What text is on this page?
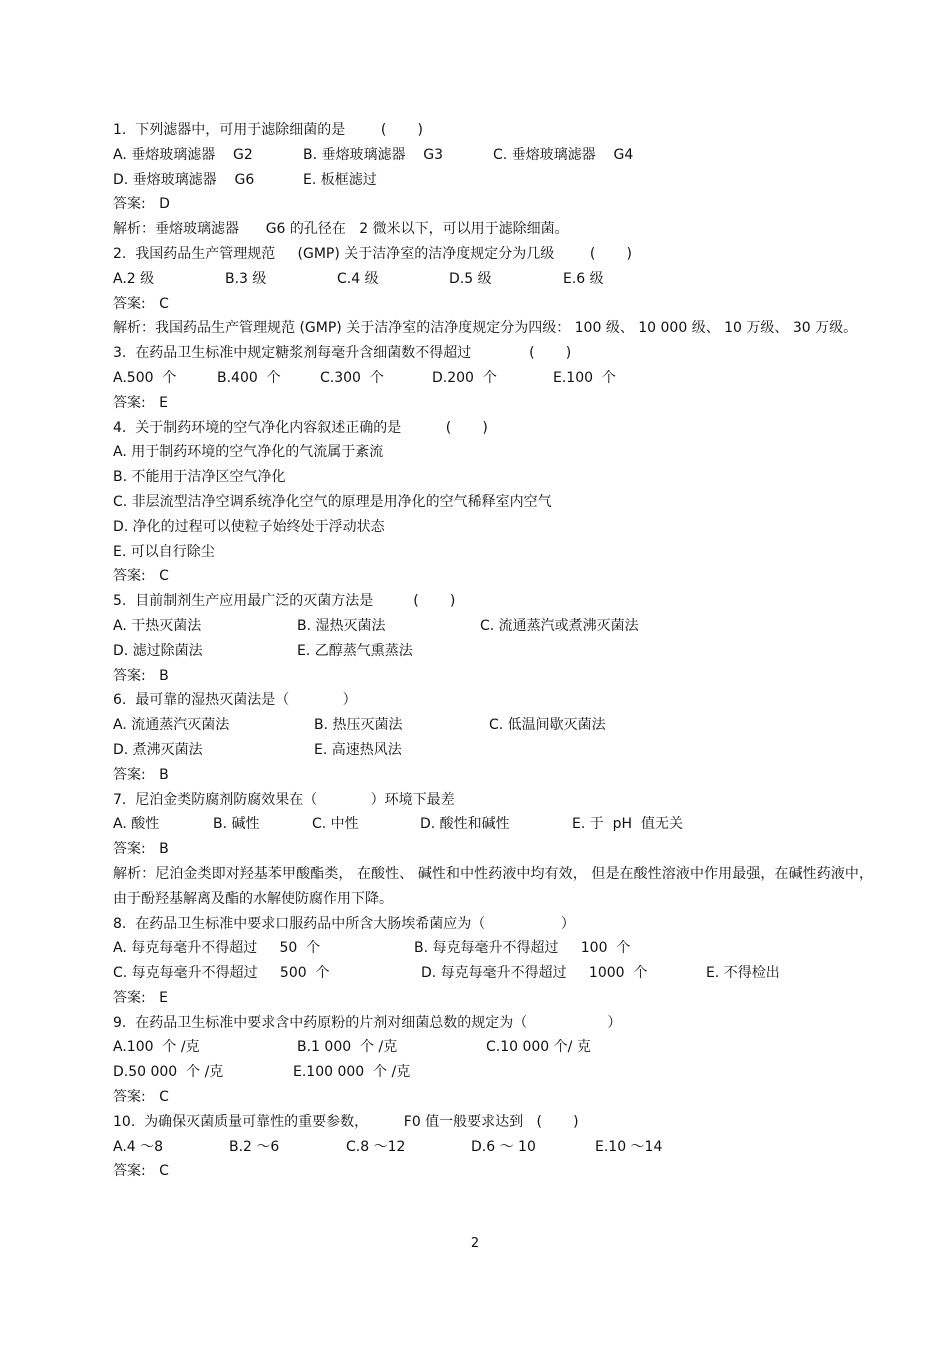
1.  下列滤器中，可用于滤除细菌的是        (       )
A. 垂熔玻璃滤器    G2	B. 垂熔玻璃滤器    G3	C. 垂熔玻璃滤器    G4
D. 垂熔玻璃滤器    G6	E. 板框滤过
答案:   D
解析：垂熔玻璃滤器      G6 的孔径在   2 微米以下，可以用于滤除细菌。
2.  我国药品生产管理规范     (GMP) 关于洁净室的洁净度规定分为几级        (       )
A.2 级	B.3 级	C.4 级	D.5 级	E.6 级
答案:   C
解析：我国药品生产管理规范 (GMP) 关于洁净室的洁净度规定分为四级： 100 级、 10 000 级、 10 万级、 30 万级。
3.  在药品卫生标准中规定糖浆剂每毫升含细菌数不得超过             (       )
A.500  个	B.400  个	C.300  个	D.200  个	E.100  个
答案:   E
4.  关于制药环境的空气净化内容叙述正确的是          (       )
A. 用于制药环境的空气净化的气流属于紊流
B. 不能用于洁净区空气净化
C. 非层流型洁净空调系统净化空气的原理是用净化的空气稀释室内空气
D. 净化的过程可以使粒子始终处于浮动状态
E. 可以自行除尘
答案:   C
5.  目前制剂生产应用最广泛的灭菌方法是         (       )
A. 干热灭菌法	B. 湿热灭菌法	C. 流通蒸汽或煮沸灭菌法
D. 滤过除菌法	E. 乙醇蒸气熏蒸法
答案:   B
6.  最可靠的湿热灭菌法是（            ）
A. 流通蒸汽灭菌法	B. 热压灭菌法	C. 低温间歇灭菌法
D. 煮沸灭菌法	E. 高速热风法
答案:   B
7.  尼泊金类防腐剂防腐效果在（            ）环境下最差
A. 酸性	B. 碱性	C. 中性	D. 酸性和碱性	E. 于  pH  值无关
答案:   B
解析：尼泊金类即对羟基苯甲酸酯类， 在酸性、 碱性和中性药液中均有效， 但是在酸性溶液中作用最强，在碱性药液中，由于酚羟基解离及酯的水解使防腐作用下降。
8.  在药品卫生标准中要求口服药品中所含大肠埃希菌应为（                 ）
A. 每克每毫升不得超过     50  个	B. 每克每毫升不得超过     100  个
C. 每克每毫升不得超过     500  个	D. 每克每毫升不得超过     1000  个	E. 不得检出
答案:   E
9.  在药品卫生标准中要求含中药原粉的片剂对细菌总数的规定为（                  ）
A.100  个 /克	B.1 000  个 /克	C.10 000 个/ 克
D.50 000  个 /克	E.100 000  个 /克
答案:   C
10.  为确保灭菌质量可靠性的重要参数，        F0 值一般要求达到   (       )
A.4 ～8	B.2 ～6	C.8 ～12	D.6 ～ 10	E.10 ～14
答案:   C
2
